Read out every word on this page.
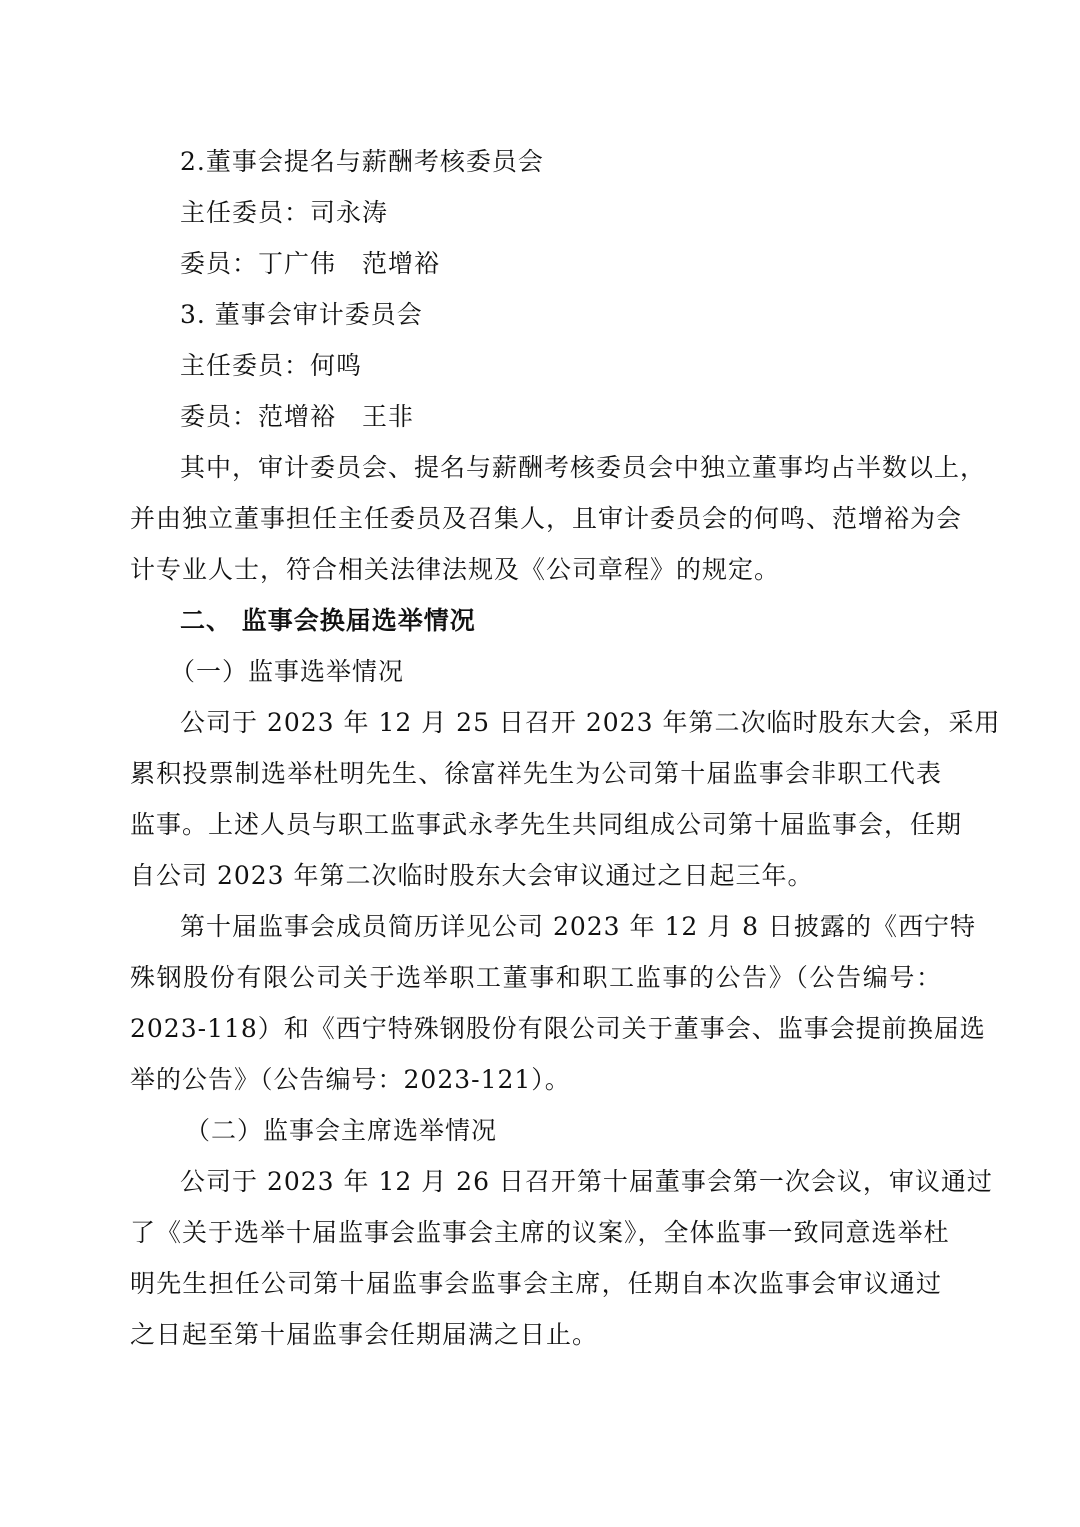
2.董事会提名与薪酬考核委员会
主任委员：司永涛
委员：丁广伟　范增裕
3. 董事会审计委员会
主任委员：何鸣
委员：范增裕　王非
其中，审计委员会、提名与薪酬考核委员会中独立董事均占半数以上，
并由独立董事担任主任委员及召集人，且审计委员会的何鸣、范增裕为会
计专业人士，符合相关法律法规及《公司章程》的规定。
二、 监事会换届选举情况
（一）监事选举情况
公司于 2023 年 12 月 25 日召开 2023 年第二次临时股东大会，采用
累积投票制选举杜明先生、徐富祥先生为公司第十届监事会非职工代表
监事。上述人员与职工监事武永孝先生共同组成公司第十届监事会，任期
自公司 2023 年第二次临时股东大会审议通过之日起三年。
第十届监事会成员简历详见公司 2023 年 12 月 8 日披露的《西宁特
殊钢股份有限公司关于选举职工董事和职工监事的公告》（公告编号：
2023-118）和《西宁特殊钢股份有限公司关于董事会、监事会提前换届选
举的公告》（公告编号：2023-121）。
（二）监事会主席选举情况
公司于 2023 年 12 月 26 日召开第十届董事会第一次会议，审议通过
了《关于选举十届监事会监事会主席的议案》，全体监事一致同意选举杜
明先生担任公司第十届监事会监事会主席，任期自本次监事会审议通过
之日起至第十届监事会任期届满之日止。
